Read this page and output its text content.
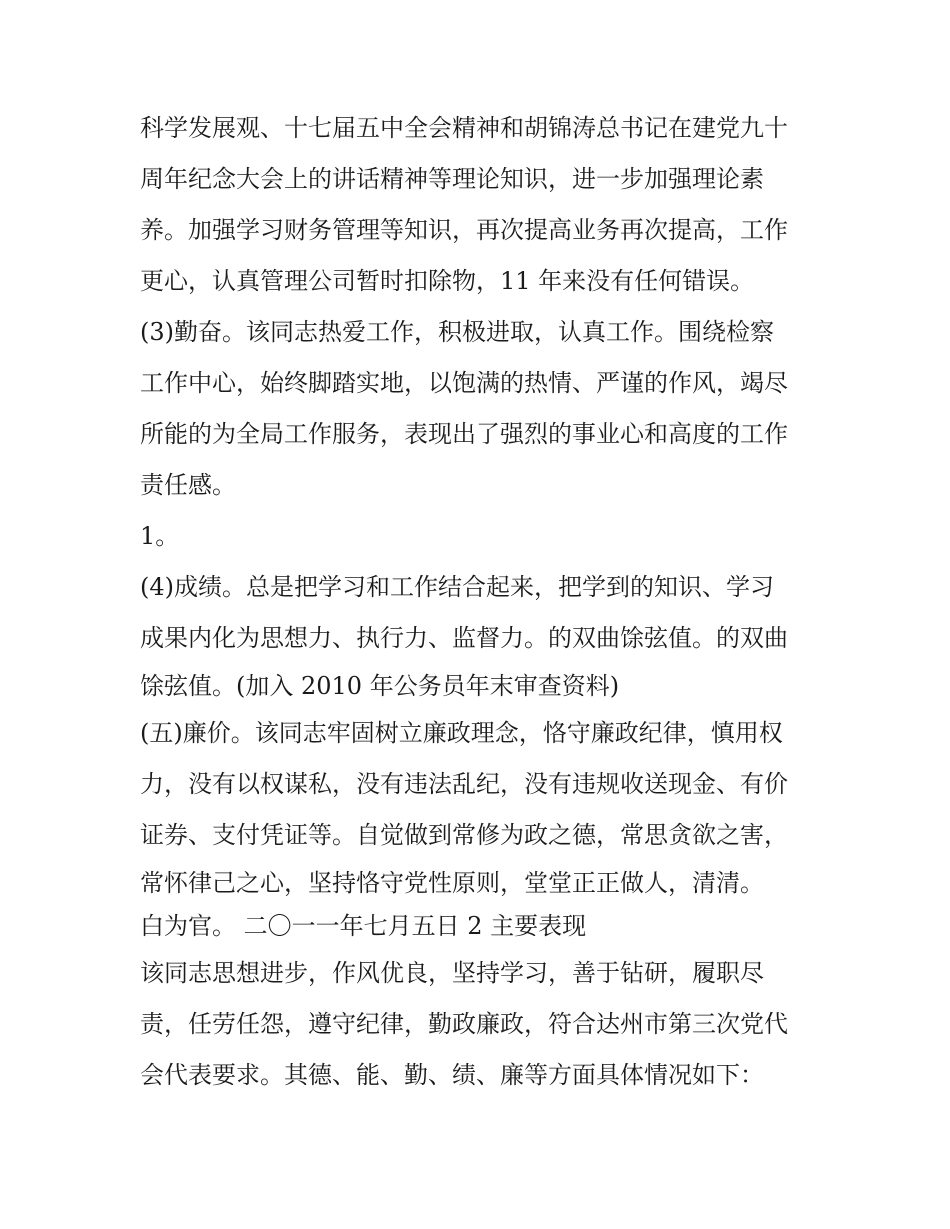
科学发展观、十七届五中全会精神和胡锦涛总书记在建党九十
周年纪念大会上的讲话精神等理论知识，进一步加强理论素
养。加强学习财务管理等知识，再次提高业务再次提高，工作
更心，认真管理公司暂时扣除物，11 年来没有任何错误。
(3)勤奋。该同志热爱工作，积极进取，认真工作。围绕检察
工作中心，始终脚踏实地，以饱满的热情、严谨的作风，竭尽
所能的为全局工作服务，表现出了强烈的事业心和高度的工作
责任感。
1。
(4)成绩。总是把学习和工作结合起来，把学到的知识、学习
成果内化为思想力、执行力、监督力。的双曲馀弦值。的双曲
馀弦值。(加入 2010 年公务员年末审查资料)
(五)廉价。该同志牢固树立廉政理念，恪守廉政纪律，慎用权
力，没有以权谋私，没有违法乱纪，没有违规收送现金、有价
证券、支付凭证等。自觉做到常修为政之德，常思贪欲之害，
常怀律己之心，坚持恪守党性原则，堂堂正正做人，清清。
白为官。 二〇一一年七月五日 2 主要表现
该同志思想进步，作风优良，坚持学习，善于钻研，履职尽
责，任劳任怨，遵守纪律，勤政廉政，符合达州市第三次党代
会代表要求。其德、能、勤、绩、廉等方面具体情况如下：
